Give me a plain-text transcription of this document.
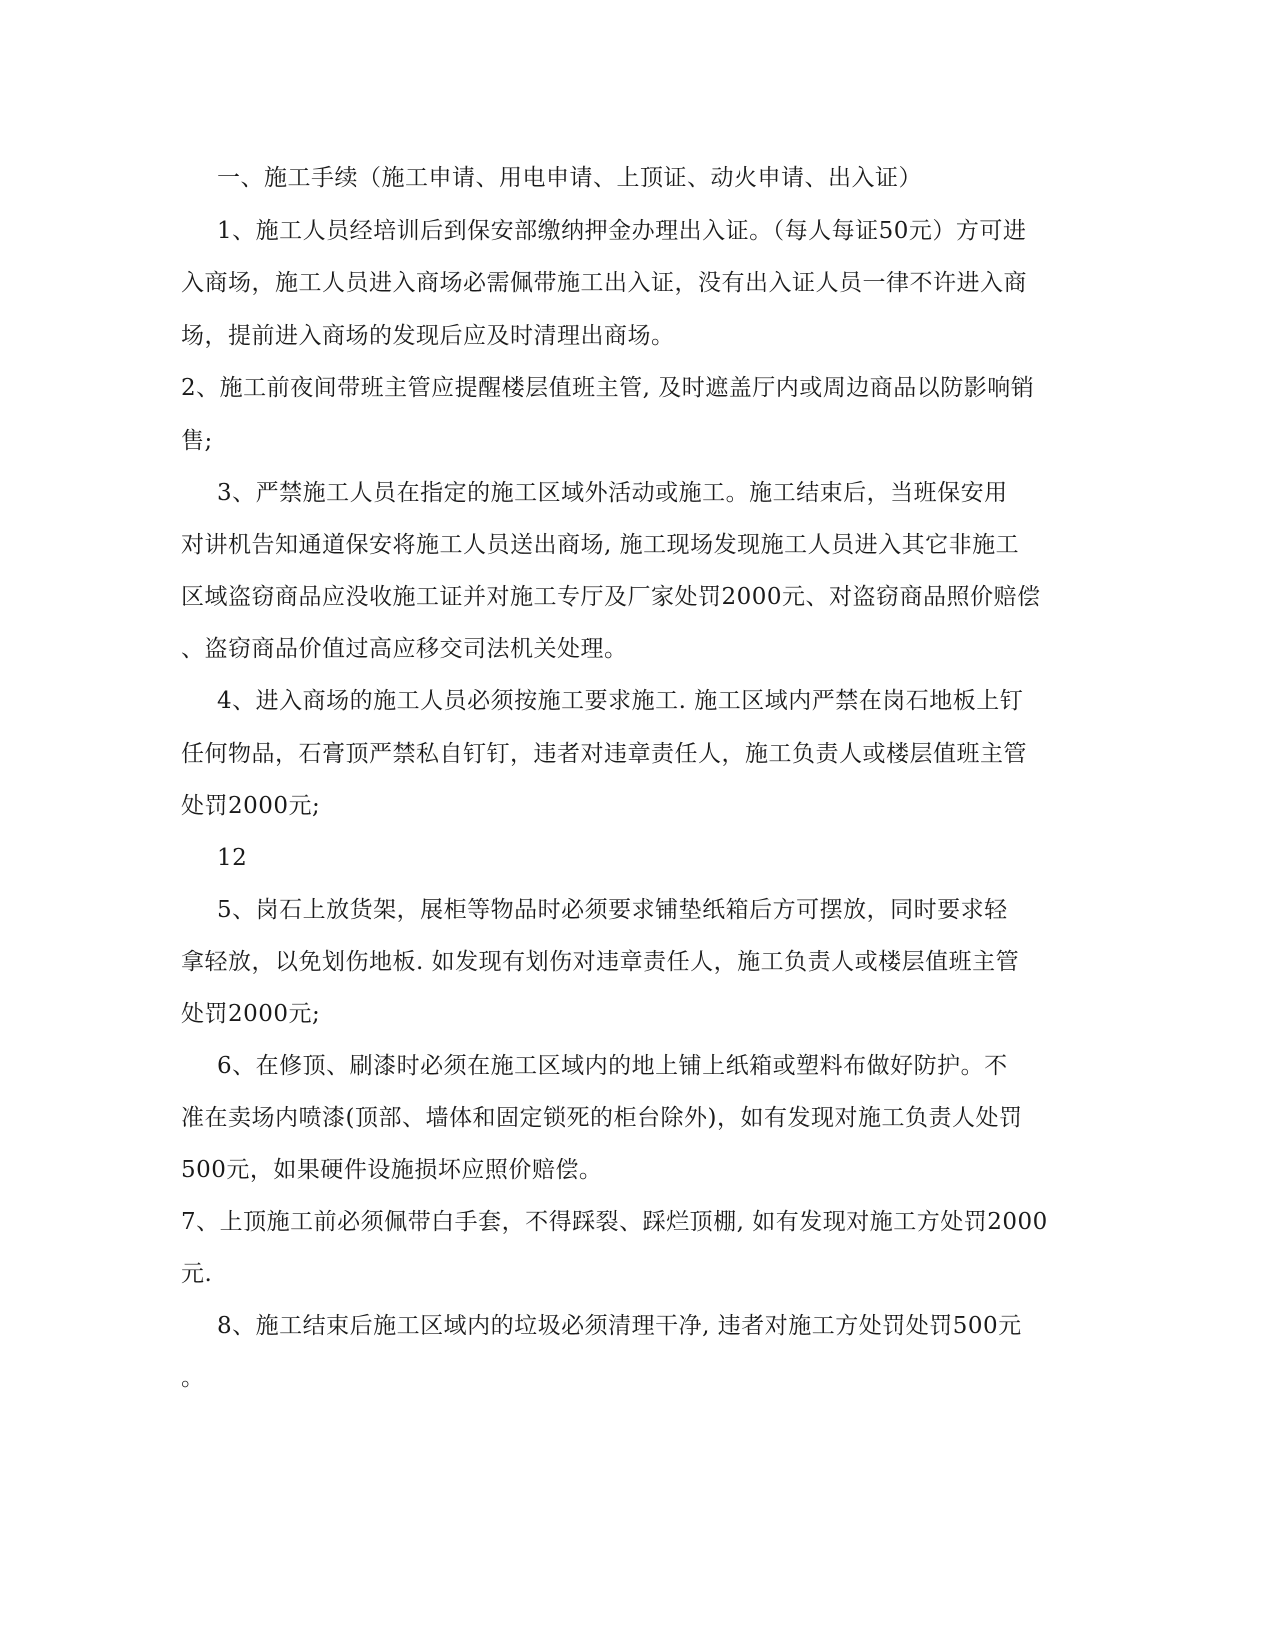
一、施工手续（施工申请、用电申请、上顶证、动火申请、出入证）
1、施工人员经培训后到保安部缴纳押金办理出入证。（每人每证50元）方可进
入商场，施工人员进入商场必需佩带施工出入证，没有出入证人员一律不许进入商
场，提前进入商场的发现后应及时清理出商场。
2、施工前夜间带班主管应提醒楼层值班主管, 及时遮盖厅内或周边商品以防影响销
售;
3、严禁施工人员在指定的施工区域外活动或施工。施工结束后，当班保安用
对讲机告知通道保安将施工人员送出商场, 施工现场发现施工人员进入其它非施工
区域盗窃商品应没收施工证并对施工专厅及厂家处罚2000元、对盗窃商品照价赔偿
、盗窃商品价值过高应移交司法机关处理。
4、进入商场的施工人员必须按施工要求施工. 施工区域内严禁在岗石地板上钉
任何物品，石膏顶严禁私自钉钉，违者对违章责任人，施工负责人或楼层值班主管
处罚2000元;
12
5、岗石上放货架，展柜等物品时必须要求铺垫纸箱后方可摆放，同时要求轻
拿轻放，以免划伤地板. 如发现有划伤对违章责任人，施工负责人或楼层值班主管
处罚2000元;
6、在修顶、刷漆时必须在施工区域内的地上铺上纸箱或塑料布做好防护。不
准在卖场内喷漆(顶部、墙体和固定锁死的柜台除外)，如有发现对施工负责人处罚
500元，如果硬件设施损坏应照价赔偿。
7、上顶施工前必须佩带白手套，不得踩裂、踩烂顶棚, 如有发现对施工方处罚2000
元.
8、施工结束后施工区域内的垃圾必须清理干净, 违者对施工方处罚处罚500元
。
